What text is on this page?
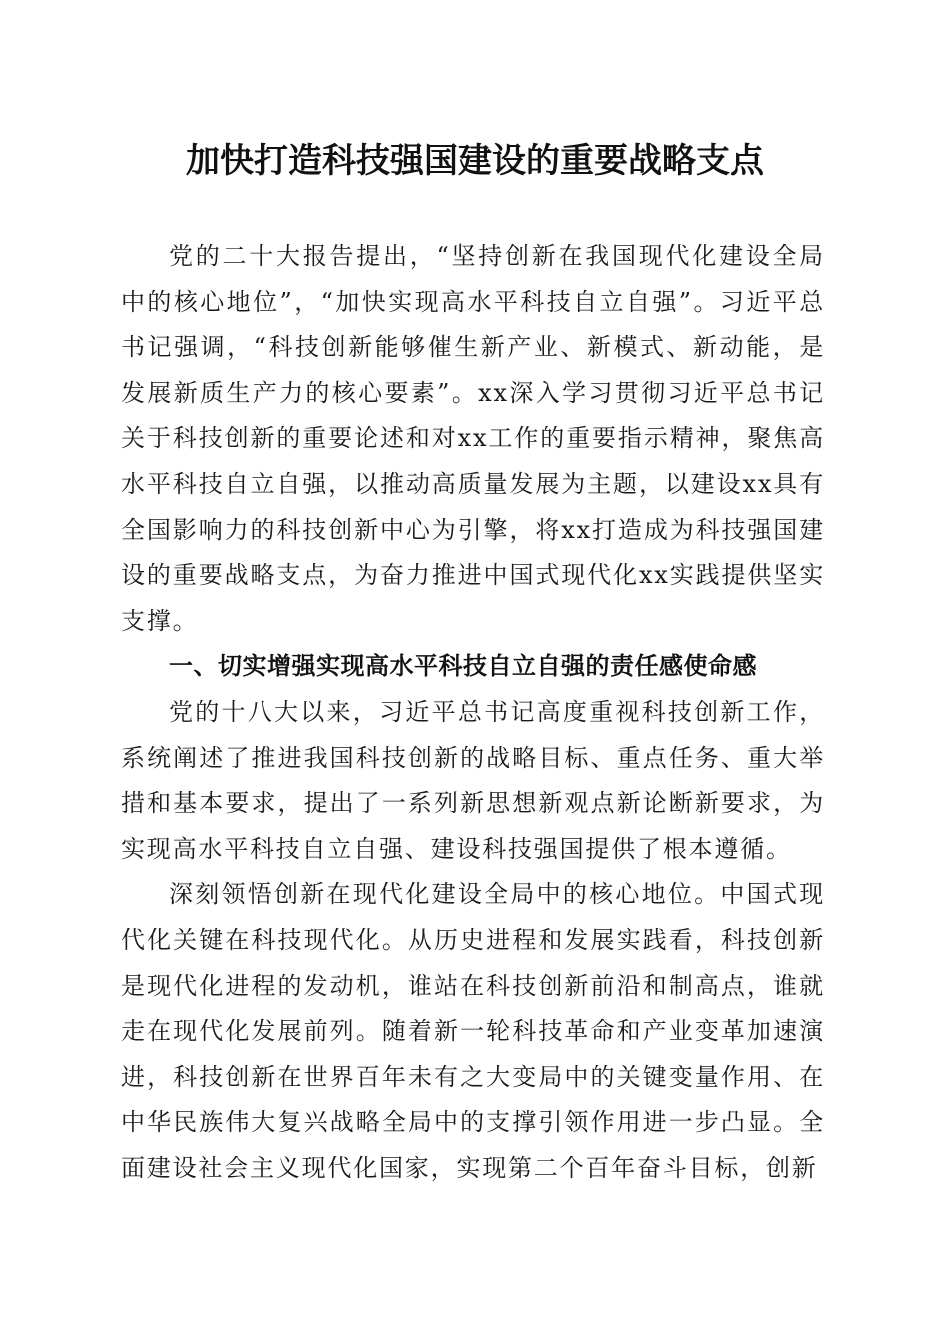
加快打造科技强国建设的重要战略支点

党的二十大报告提出，“坚持创新在我国现代化建设全局中的核心地位”，“加快实现高水平科技自立自强”。习近平总书记强调，“科技创新能够催生新产业、新模式、新动能，是发展新质生产力的核心要素”。xx深入学习贯彻习近平总书记关于科技创新的重要论述和对xx工作的重要指示精神，聚焦高水平科技自立自强，以推动高质量发展为主题，以建设xx具有全国影响力的科技创新中心为引擎，将xx打造成为科技强国建设的重要战略支点，为奋力推进中国式现代化xx实践提供坚实支撑。

一、切实增强实现高水平科技自立自强的责任感使命感

党的十八大以来，习近平总书记高度重视科技创新工作，系统阐述了推进我国科技创新的战略目标、重点任务、重大举措和基本要求，提出了一系列新思想新观点新论断新要求，为实现高水平科技自立自强、建设科技强国提供了根本遵循。

深刻领悟创新在现代化建设全局中的核心地位。中国式现代化关键在科技现代化。从历史进程和发展实践看，科技创新是现代化进程的发动机，谁站在科技创新前沿和制高点，谁就走在现代化发展前列。随着新一轮科技革命和产业变革加速演进，科技创新在世界百年未有之大变局中的关键变量作用、在中华民族伟大复兴战略全局中的支撑引领作用进一步凸显。全面建设社会主义现代化国家，实现第二个百年奋斗目标，创新
